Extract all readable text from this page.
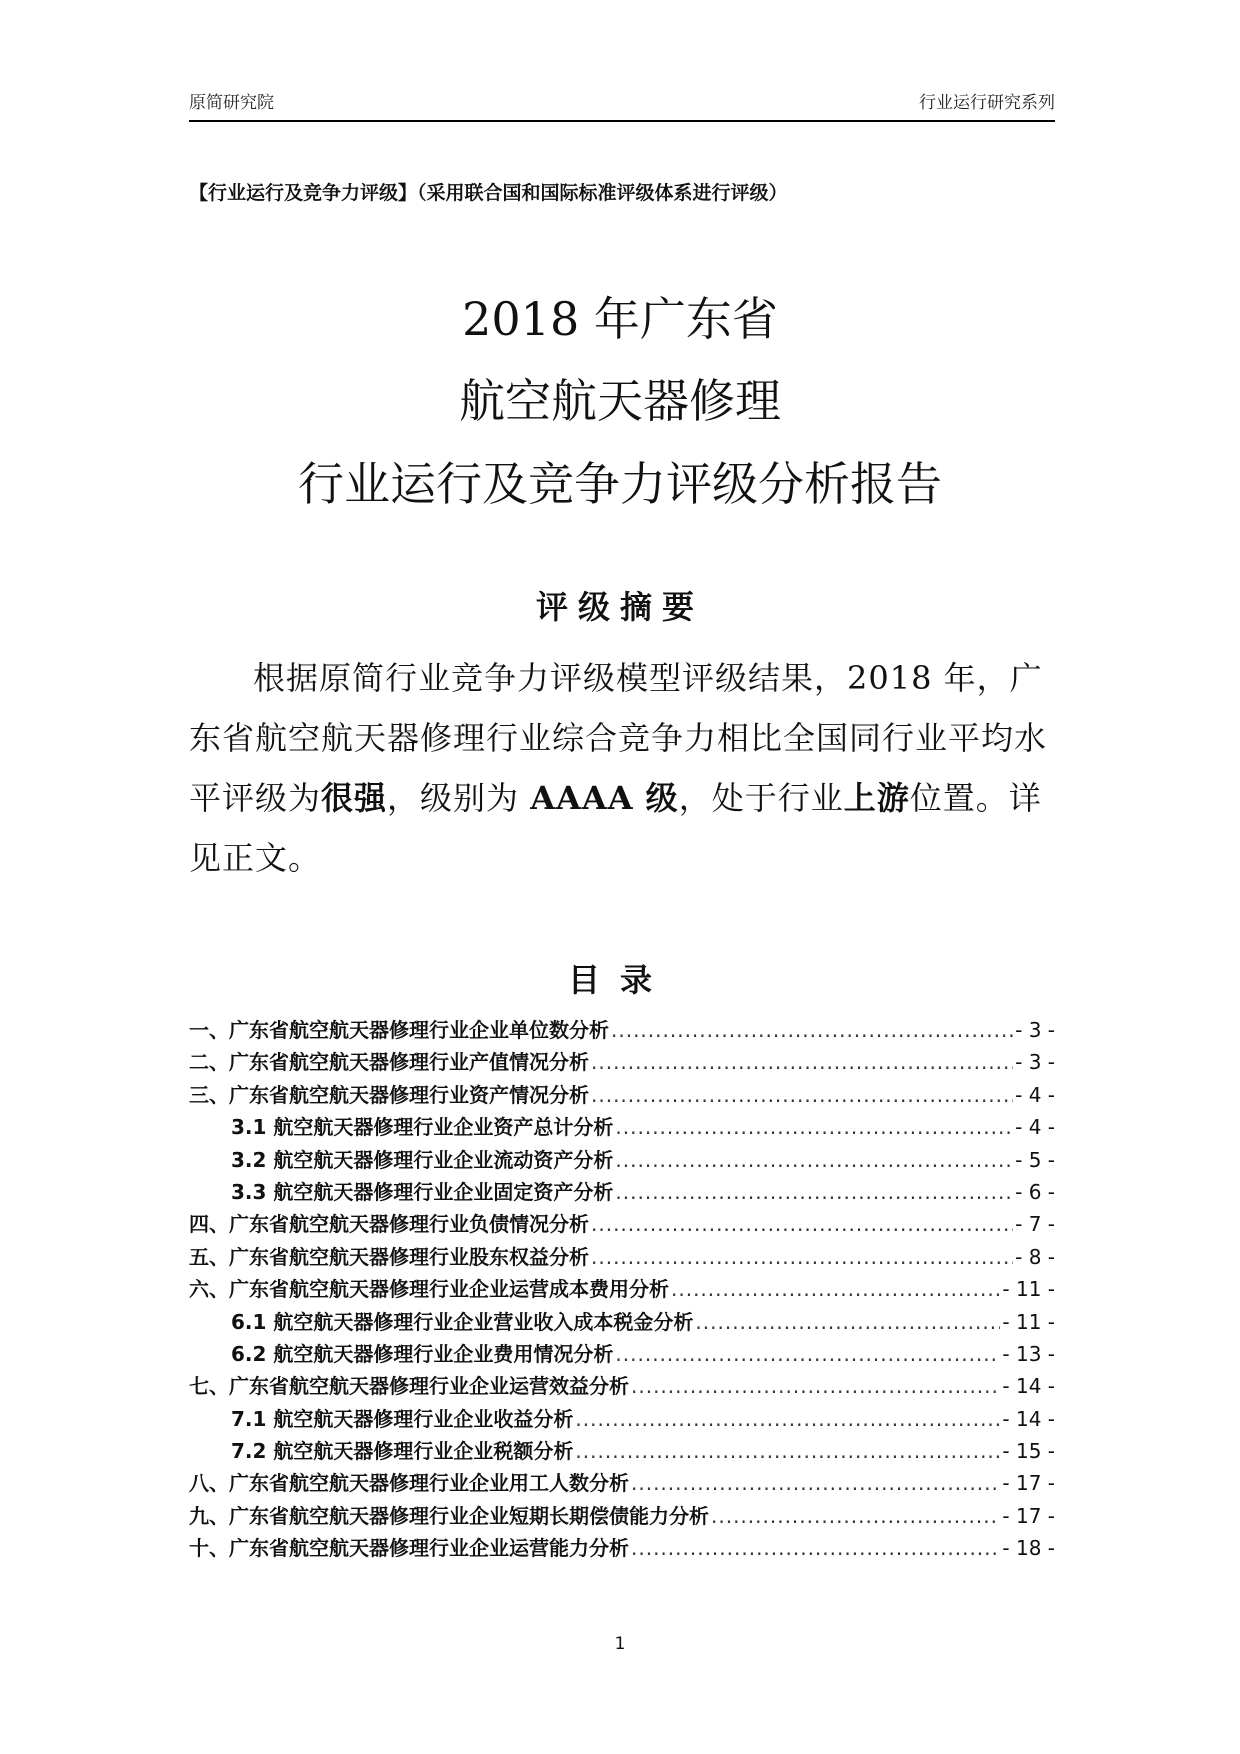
原简研究院	行业运行研究系列
【行业运行及竞争力评级】（采用联合国和国际标准评级体系进行评级）
2018 年广东省
航空航天器修理
行业运行及竞争力评级分析报告
评级摘要
根据原简行业竞争力评级模型评级结果，2018 年，广东省航空航天器修理行业综合竞争力相比全国同行业平均水平评级为很强，级别为 AAAA 级，处于行业上游位置。详见正文。
目录
一、广东省航空航天器修理行业企业单位数分析 .....	- 3 -
二、广东省航空航天器修理行业产值情况分析 .....	- 3 -
三、广东省航空航天器修理行业资产情况分析 .....	- 4 -
3.1 航空航天器修理行业企业资产总计分析 .....	- 4 -
3.2 航空航天器修理行业企业流动资产分析 .....	- 5 -
3.3 航空航天器修理行业企业固定资产分析 .....	- 6 -
四、广东省航空航天器修理行业负债情况分析 .....	- 7 -
五、广东省航空航天器修理行业股东权益分析 .....	- 8 -
六、广东省航空航天器修理行业企业运营成本费用分析 .....	- 11 -
6.1 航空航天器修理行业企业营业收入成本税金分析 .....	- 11 -
6.2 航空航天器修理行业企业费用情况分析 .....	- 13 -
七、广东省航空航天器修理行业企业运营效益分析 .....	- 14 -
7.1 航空航天器修理行业企业收益分析 .....	- 14 -
7.2 航空航天器修理行业企业税额分析 .....	- 15 -
八、广东省航空航天器修理行业企业用工人数分析 .....	- 17 -
九、广东省航空航天器修理行业企业短期长期偿债能力分析 .....	- 17 -
十、广东省航空航天器修理行业企业运营能力分析 .....	- 18 -
1
